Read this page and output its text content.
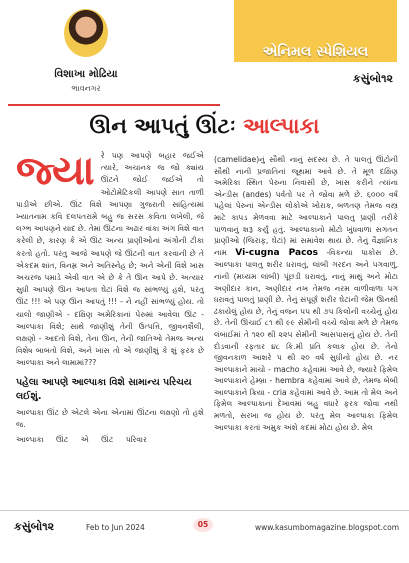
વિશાખા મોઢિયા
ભાવનગર
એનિમલ સ્પેશિયલ
કસુંબો૧૨
ઊન આપતું ઊંટઃ આલ્પાકા
જ્યા રે પણ આપણે બહાર જઈએ ત્યારે, અચાનક જ જો ક્યાંય ઊંટને જોઈ જઈએ તો ઓટોમેટિકલી આપણે સાત તાળી પાડીએ છીએ. ઊંટ વિશે આપણા ગુજરાતી સાહિત્યમાં ખ્યાતનામ કવિ દલપતરામે બહુ જ સરસ કવિતા લખેલી, જે લગ્ભ આપણને યાદ છે. તેમાં ઊંટના અઢાર વાંકા અંગ વિશે વાત કરેલી છે, કારણ કે એ ઊંટ અન્ય પ્રાણીઓનાં અંગોની ટીકા કરતો હતો. પરંતુ આજે આપણે જે ઊંટની વાત કરવાની છે તે એકદમ શાંત, વિનમ્ર અને અતિસ્નેહ છે; અને એની વિશે ખાસ અચરજ પમાડે એવી વાત એ છે કે તે ઊન આપે છે. અત્યાર સુધી આપણે ઊન આપતા ઘેટાં વિશે જ સાંભળ્યું હશે, પરંતુ ઊંટ !!! એ પણ ઊન આપતું !!! - ને નહીં સાંભળ્યું હોય. તો ચાલો જાણીએ - દક્ષિણ અમેરિકાનાં પેરુમાં આવેલા ઊંટ - આલ્પાકા વિશે; સાથે જાણીશું તેની ઉત્પત્તિ, જીવનશૈલી, લક્ષણો - આદતો વિશે, તેના ઊન, તેની જાતિઓ તેમજ અન્ય વિશેષ બાબતો વિશે, અને ખાસ તો એ જાણીશું કે શું ફરક છે આલ્પાકા અને લામામાં???

પહેલા આપણે આલ્પાકા વિશે સામાન્ય પરિચય લઈશું.

આલ્પાકા ઊંટ છે એટલે એના એનામાં ઊંટના લક્ષણો તો હશે જ.

આલ્પાકા ઊંટ એ ઊંટ પરિવાર

(camelidae)નું સૌથી નાનું સદસ્ય છે. તે પાલતું ઊંટોની સૌથી નાની પ્રજાતિનાં જૂથમાં આવે છે. તે મૂળ દક્ષિણ અમેરિકા સ્થિત પેરુના નિવાસી છે, ખાસ કરીને ત્યાંના એન્ડીસ (andes) પર્વતો પર તે જોવા મળે છે. ૬૦૦૦ વર્ષ પહેલાં પેરુનાં એન્ડીસ લોકોએ ખોરાક, બળતણ તેમજ વસ્ત્ર માટે કાપડ મેળવવા માટે આલ્પાકાને પાલતુ પ્રાણી તરીકે પાળવાનું શરૂ કર્યું હતું. આલ્પાકાનો મોટો ખુંધવાળા સગતન પ્રાણીઓ (જિરાફ, ઘેટાં) માં સમાવેશ થાય છે. તેનું વૈજ્ઞાનિક નામ Vi-cugna Pacos -વિકન્યા પાકોસ છે. આલ્પાકા પાલતુ શરીર ધરાવતું, લાંબી ગરદન અને પગવાળું, નાની (મધ્યમ લાંબી) પૂંછડી ધરાવતું, નાનું માથું અને મોટા અણીદાર કાન, અણીદાર નખ તેમજ નરમ વાળીવાળા પગ ધરાવતું પાલતું પ્રાણી છે. તેનું સંપૂર્ણ શરીર ઘેટાંની જેમ ઊનથી ઢંકાયેલું હોય છે, તેનું વજન ૫૫ થી ૭૫ કિલોની વચ્ચેનું હોય છે. તેની ઊંચાઈ ૮૧ થી ૯૯ સેમીની વચ્ચે જોવા મળે છે તેમજ લંબાઈમાં તે ૧૨૦ થી ૨૨૫ સેમીની આસપાસનું હોય છે. તેની દોડવાની રફતાર ૪૮ કિ.મી પ્રતિ કલાક હોય છે. તેનો જીવનકાળ આશરે ૫ થી ૨૦ વર્ષ સુધીનો હોય છે. નર આલ્પાકાને માચો - macho કહેવામાં આવે છે, જ્યારે ફિમેલ આલ્પાકાને હેમ્બ્રા - hembra કહેવામાં આવે છે, તેમજ બેબી આલ્પાકાને ક્રિયા - cria કહેવામાં આવે છે. આમ તો મેલ અને ફિમેલ આલ્પાકાનાં દેખાવમાં બહુ વધારે ફરક જોવા નથી મળતો, સરખા જ હોય છે. પરંતુ મેલ આલ્પાકા ફિમેલ આલ્પાકા કરતાં અમુક અંશે કદમાં મોટા હોય છે. મેલ

કસુંબો૧૨	Feb to Jun 2024	05	www.kasumbomagazine.blogspot.com
